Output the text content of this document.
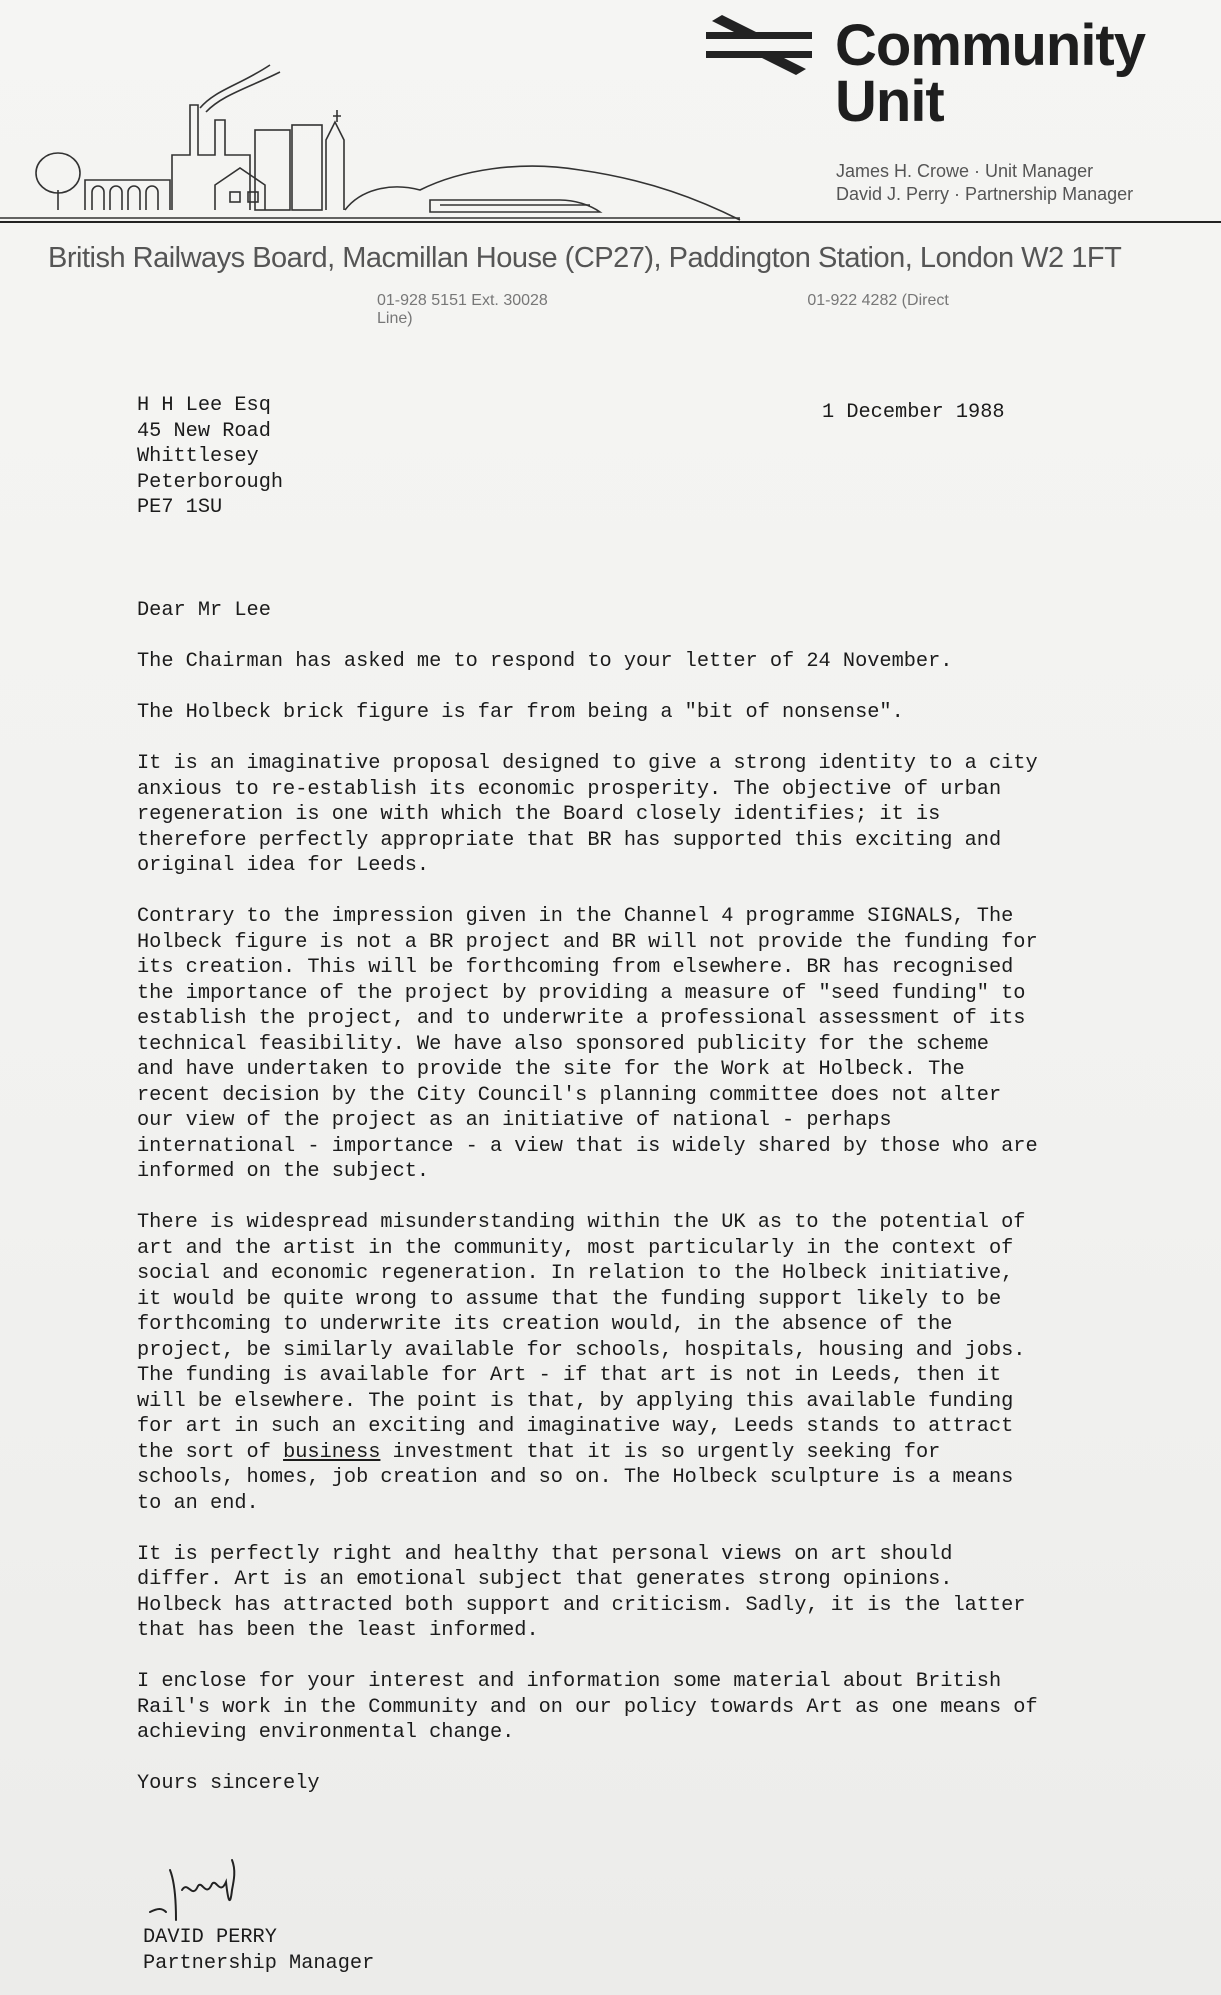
Community
Unit
James H. Crowe · Unit Manager
David J. Perry · Partnership Manager
British Railways Board, Macmillan House (CP27), Paddington Station, London W2 1FT
01-928 5151 Ext. 30028	01-922 4282 (Direct Line)
H H Lee Esq
45 New Road
Whittlesey
Peterborough
PE7 1SU
1 December 1988

Dear Mr Lee

The Chairman has asked me to respond to your letter of 24 November.

The Holbeck brick figure is far from being a "bit of nonsense".

It is an imaginative proposal designed to give a strong identity to a city
anxious to re-establish its economic prosperity. The objective of urban
regeneration is one with which the Board closely identifies; it is
therefore perfectly appropriate that BR has supported this exciting and
original idea for Leeds.

Contrary to the impression given in the Channel 4 programme SIGNALS, The
Holbeck figure is not a BR project and BR will not provide the funding for
its creation. This will be forthcoming from elsewhere. BR has recognised
the importance of the project by providing a measure of "seed funding" to
establish the project, and to underwrite a professional assessment of its
technical feasibility. We have also sponsored publicity for the scheme
and have undertaken to provide the site for the Work at Holbeck. The
recent decision by the City Council's planning committee does not alter
our view of the project as an initiative of national - perhaps
international - importance - a view that is widely shared by those who are
informed on the subject.

There is widespread misunderstanding within the UK as to the potential of
art and the artist in the community, most particularly in the context of
social and economic regeneration. In relation to the Holbeck initiative,
it would be quite wrong to assume that the funding support likely to be
forthcoming to underwrite its creation would, in the absence of the
project, be similarly available for schools, hospitals, housing and jobs.
The funding is available for Art - if that art is not in Leeds, then it
will be elsewhere. The point is that, by applying this available funding
for art in such an exciting and imaginative way, Leeds stands to attract
the sort of business investment that it is so urgently seeking for
schools, homes, job creation and so on. The Holbeck sculpture is a means
to an end.

It is perfectly right and healthy that personal views on art should
differ. Art is an emotional subject that generates strong opinions.
Holbeck has attracted both support and criticism. Sadly, it is the latter
that has been the least informed.

I enclose for your interest and information some material about British
Rail's work in the Community and on our policy towards Art as one means of
achieving environmental change.

Yours sincerely

DAVID PERRY
Partnership Manager
